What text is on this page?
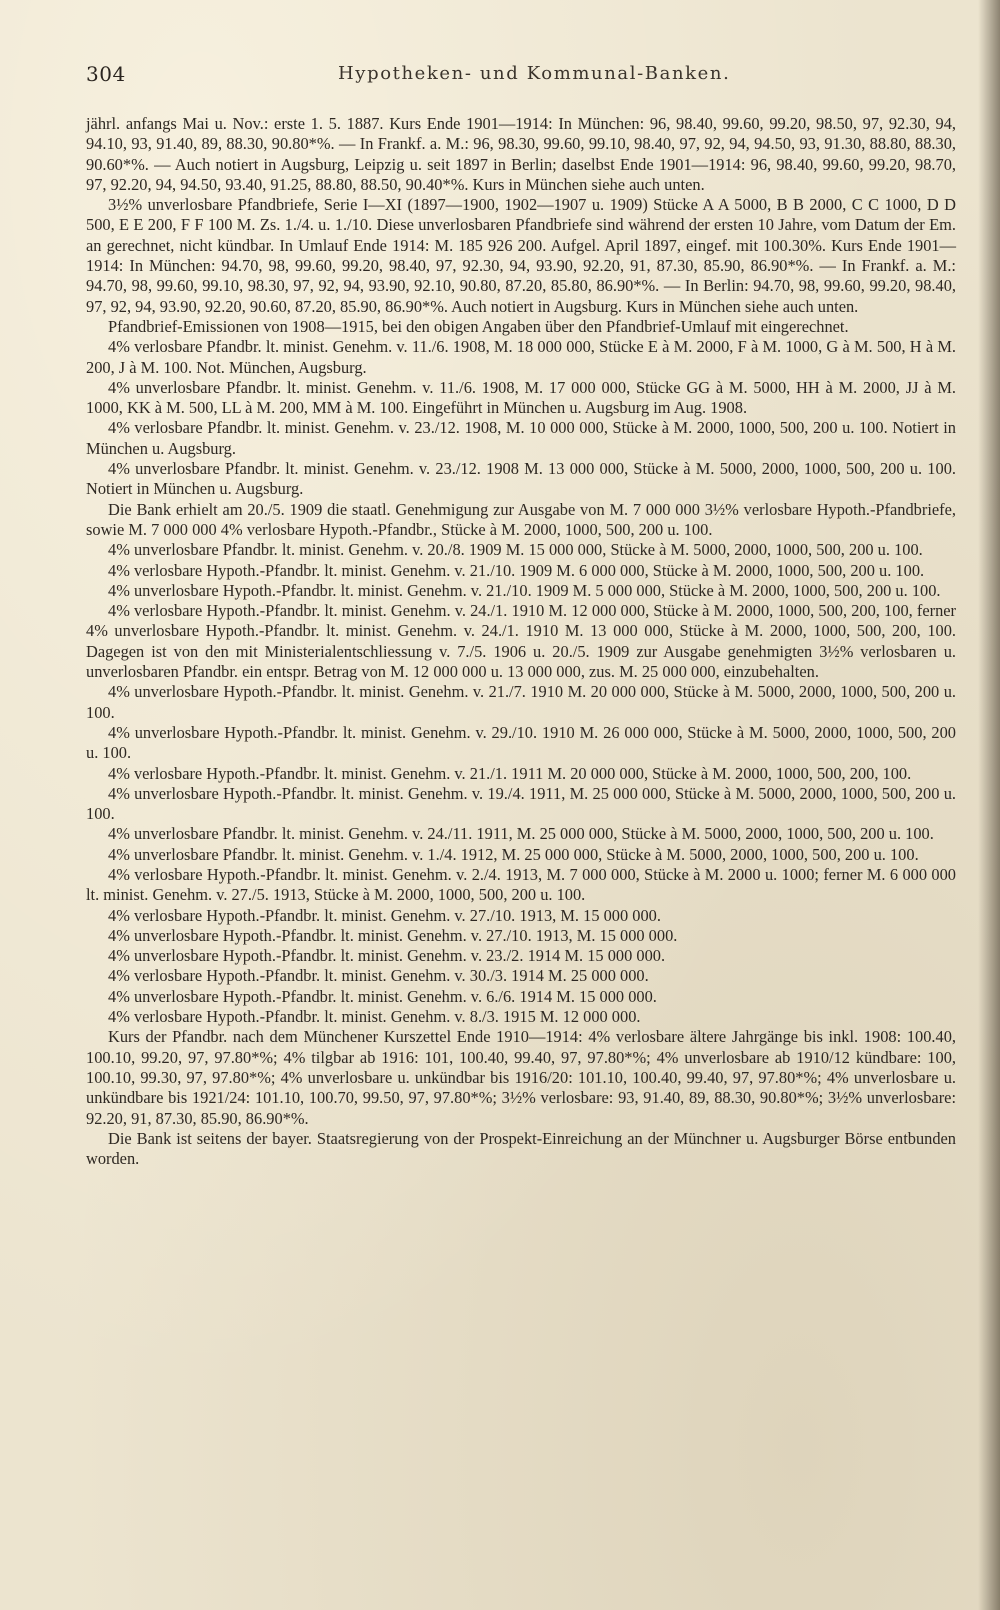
304	Hypotheken- und Kommunal-Banken.

jährl. anfangs Mai u. Nov.: erste 1. 5. 1887. Kurs Ende 1901—1914: In München: 96, 98.40, 99.60, 99.20, 98.50, 97, 92.30, 94, 94.10, 93, 91.40, 89, 88.30, 90.80*%. — In Frankf. a. M.: 96, 98.30, 99.60, 99.10, 98.40, 97, 92, 94, 94.50, 93, 91.30, 88.80, 88.30, 90.60*%. — Auch notiert in Augsburg, Leipzig u. seit 1897 in Berlin; daselbst Ende 1901—1914: 96, 98.40, 99.60, 99.20, 98.70, 97, 92.20, 94, 94.50, 93.40, 91.25, 88.80, 88.50, 90.40*%. Kurs in München siehe auch unten.

3½% unverlosbare Pfandbriefe, Serie I—XI (1897—1900, 1902—1907 u. 1909) Stücke A A 5000, B B 2000, C C 1000, D D 500, E E 200, F F 100 M. Zs. 1./4. u. 1./10. Diese unverlosbaren Pfandbriefe sind während der ersten 10 Jahre, vom Datum der Em. an gerechnet, nicht kündbar. In Umlauf Ende 1914: M. 185 926 200. Aufgel. April 1897, eingef. mit 100.30%. Kurs Ende 1901—1914: In München: 94.70, 98, 99.60, 99.20, 98.40, 97, 92.30, 94, 93.90, 92.20, 91, 87.30, 85.90, 86.90*%. — In Frankf. a. M.: 94.70, 98, 99.60, 99.10, 98.30, 97, 92, 94, 93.90, 92.10, 90.80, 87.20, 85.80, 86.90*%. — In Berlin: 94.70, 98, 99.60, 99.20, 98.40, 97, 92, 94, 93.90, 92.20, 90.60, 87.20, 85.90, 86.90*%. Auch notiert in Augsburg. Kurs in München siehe auch unten.

Pfandbrief-Emissionen von 1908—1915, bei den obigen Angaben über den Pfandbrief-Umlauf mit eingerechnet.

4% verlosbare Pfandbr. lt. minist. Genehm. v. 11./6. 1908, M. 18 000 000, Stücke E à M. 2000, F à M. 1000, G à M. 500, H à M. 200, J à M. 100. Not. München, Augsburg.

4% unverlosbare Pfandbr. lt. minist. Genehm. v. 11./6. 1908, M. 17 000 000, Stücke GG à M. 5000, HH à M. 2000, JJ à M. 1000, KK à M. 500, LL à M. 200, MM à M. 100. Eingeführt in München u. Augsburg im Aug. 1908.

4% verlosbare Pfandbr. lt. minist. Genehm. v. 23./12. 1908, M. 10 000 000, Stücke à M. 2000, 1000, 500, 200 u. 100. Notiert in München u. Augsburg.

4% unverlosbare Pfandbr. lt. minist. Genehm. v. 23./12. 1908 M. 13 000 000, Stücke à M. 5000, 2000, 1000, 500, 200 u. 100. Notiert in München u. Augsburg.

Die Bank erhielt am 20./5. 1909 die staatl. Genehmigung zur Ausgabe von M. 7 000 000 3½% verlosbare Hypoth.-Pfandbriefe, sowie M. 7 000 000 4% verlosbare Hypoth.-Pfandbr., Stücke à M. 2000, 1000, 500, 200 u. 100.

4% unverlosbare Pfandbr. lt. minist. Genehm. v. 20./8. 1909 M. 15 000 000, Stücke à M. 5000, 2000, 1000, 500, 200 u. 100.

4% verlosbare Hypoth.-Pfandbr. lt. minist. Genehm. v. 21./10. 1909 M. 6 000 000, Stücke à M. 2000, 1000, 500, 200 u. 100.

4% unverlosbare Hypoth.-Pfandbr. lt. minist. Genehm. v. 21./10. 1909 M. 5 000 000, Stücke à M. 2000, 1000, 500, 200 u. 100.

4% verlosbare Hypoth.-Pfandbr. lt. minist. Genehm. v. 24./1. 1910 M. 12 000 000, Stücke à M. 2000, 1000, 500, 200, 100, ferner 4% unverlosbare Hypoth.-Pfandbr. lt. minist. Genehm. v. 24./1. 1910 M. 13 000 000, Stücke à M. 2000, 1000, 500, 200, 100. Dagegen ist von den mit Ministerialentschliessung v. 7./5. 1906 u. 20./5. 1909 zur Ausgabe genehmigten 3½% verlosbaren u. unverlosbaren Pfandbr. ein entspr. Betrag von M. 12 000 000 u. 13 000 000, zus. M. 25 000 000, einzubehalten.

4% unverlosbare Hypoth.-Pfandbr. lt. minist. Genehm. v. 21./7. 1910 M. 20 000 000, Stücke à M. 5000, 2000, 1000, 500, 200 u. 100.

4% unverlosbare Hypoth.-Pfandbr. lt. minist. Genehm. v. 29./10. 1910 M. 26 000 000, Stücke à M. 5000, 2000, 1000, 500, 200 u. 100.

4% verlosbare Hypoth.-Pfandbr. lt. minist. Genehm. v. 21./1. 1911 M. 20 000 000, Stücke à M. 2000, 1000, 500, 200, 100.

4% unverlosbare Hypoth.-Pfandbr. lt. minist. Genehm. v. 19./4. 1911, M. 25 000 000, Stücke à M. 5000, 2000, 1000, 500, 200 u. 100.

4% unverlosbare Pfandbr. lt. minist. Genehm. v. 24./11. 1911, M. 25 000 000, Stücke à M. 5000, 2000, 1000, 500, 200 u. 100.

4% unverlosbare Pfandbr. lt. minist. Genehm. v. 1./4. 1912, M. 25 000 000, Stücke à M. 5000, 2000, 1000, 500, 200 u. 100.

4% verlosbare Hypoth.-Pfandbr. lt. minist. Genehm. v. 2./4. 1913, M. 7 000 000, Stücke à M. 2000 u. 1000; ferner M. 6 000 000 lt. minist. Genehm. v. 27./5. 1913, Stücke à M. 2000, 1000, 500, 200 u. 100.

4% verlosbare Hypoth.-Pfandbr. lt. minist. Genehm. v. 27./10. 1913, M. 15 000 000.

4% unverlosbare Hypoth.-Pfandbr. lt. minist. Genehm. v. 27./10. 1913, M. 15 000 000.

4% unverlosbare Hypoth.-Pfandbr. lt. minist. Genehm. v. 23./2. 1914 M. 15 000 000.

4% verlosbare Hypoth.-Pfandbr. lt. minist. Genehm. v. 30./3. 1914 M. 25 000 000.

4% unverlosbare Hypoth.-Pfandbr. lt. minist. Genehm. v. 6./6. 1914 M. 15 000 000.

4% verlosbare Hypoth.-Pfandbr. lt. minist. Genehm. v. 8./3. 1915 M. 12 000 000.

Kurs der Pfandbr. nach dem Münchener Kurszettel Ende 1910—1914: 4% verlosbare ältere Jahrgänge bis inkl. 1908: 100.40, 100.10, 99.20, 97, 97.80*%; 4% tilgbar ab 1916: 101, 100.40, 99.40, 97, 97.80*%; 4% unverlosbare ab 1910/12 kündbare: 100, 100.10, 99.30, 97, 97.80*%; 4% unverlosbare u. unkündbar bis 1916/20: 101.10, 100.40, 99.40, 97, 97.80*%; 4% unverlosbare u. unkündbare bis 1921/24: 101.10, 100.70, 99.50, 97, 97.80*%; 3½% verlosbare: 93, 91.40, 89, 88.30, 90.80*%; 3½% unverlosbare: 92.20, 91, 87.30, 85.90, 86.90*%.

Die Bank ist seitens der bayer. Staatsregierung von der Prospekt-Einreichung an der Münchner u. Augsburger Börse entbunden worden.
